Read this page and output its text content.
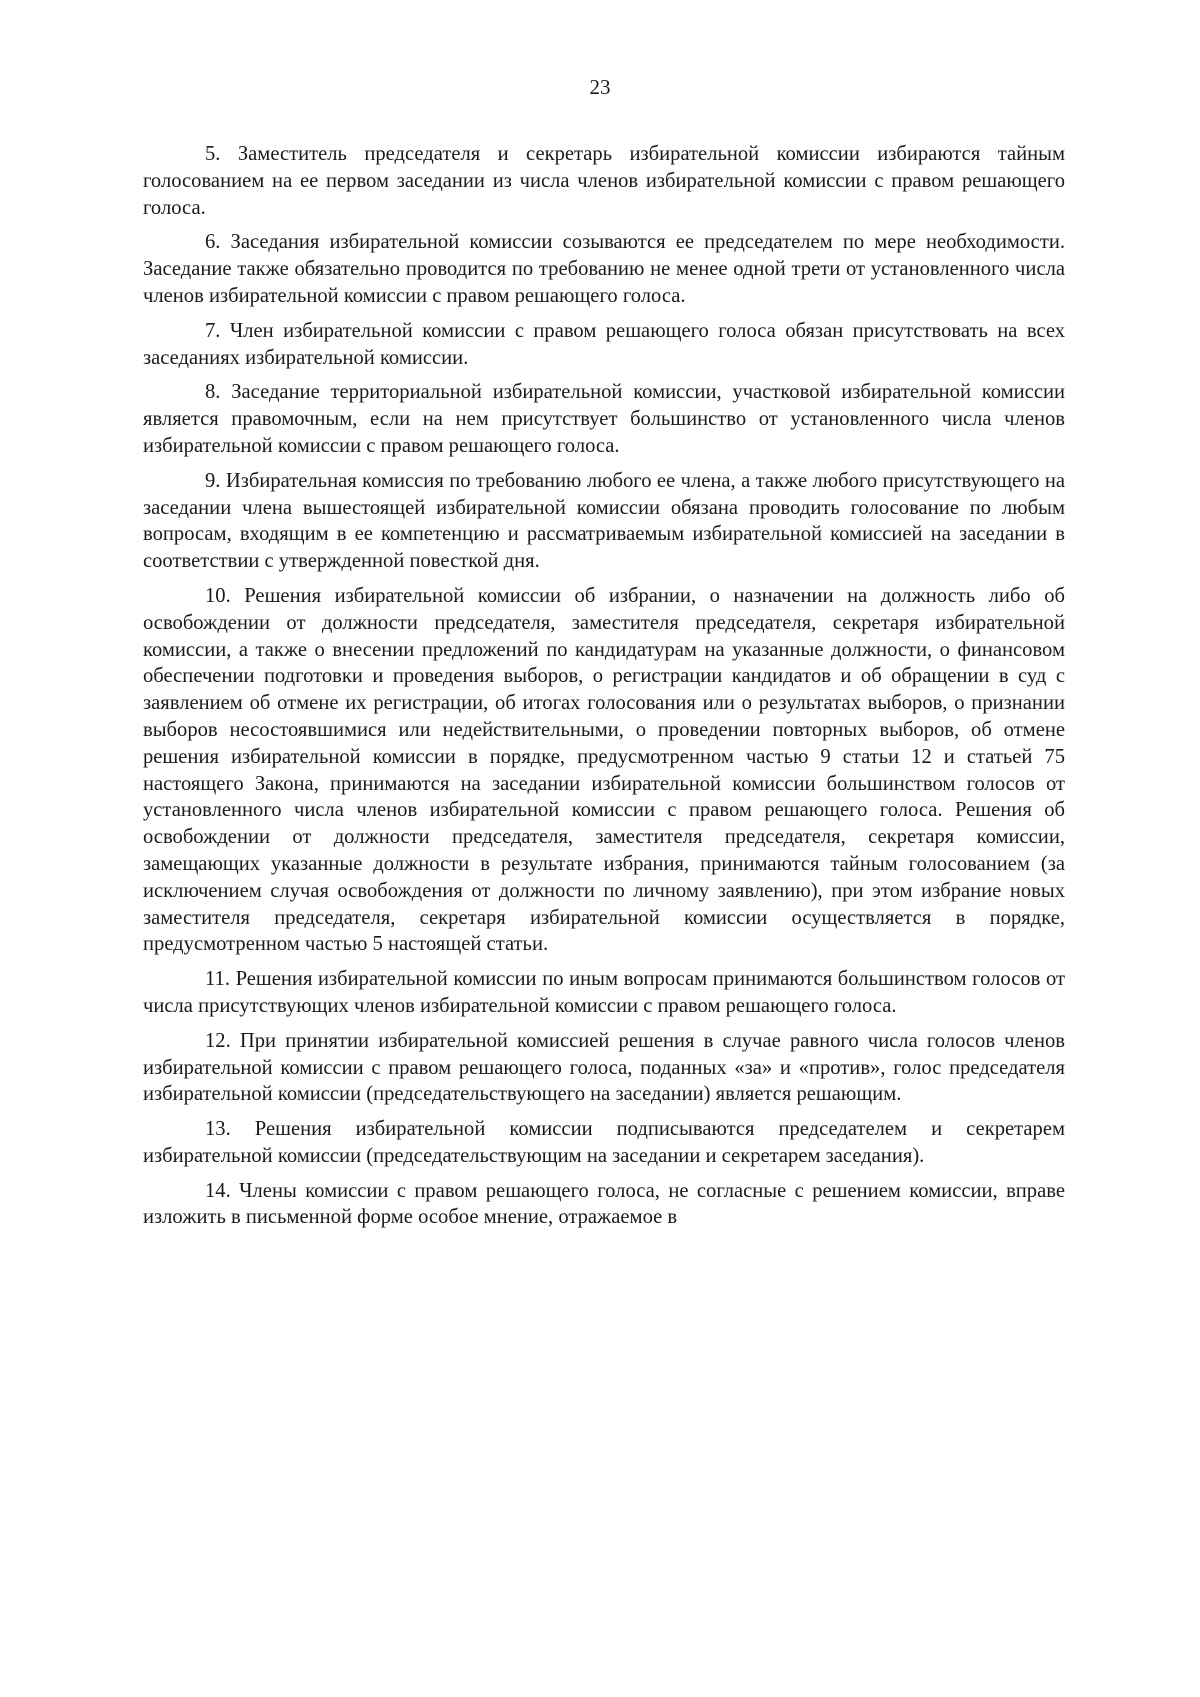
23

5. Заместитель председателя и секретарь избирательной комиссии избираются тайным голосованием на ее первом заседании из числа членов избирательной комиссии с правом решающего голоса.

6. Заседания избирательной комиссии созываются ее председателем по мере необходимости. Заседание также обязательно проводится по требованию не менее одной трети от установленного числа членов избирательной комиссии с правом решающего голоса.

7. Член избирательной комиссии с правом решающего голоса обязан присутствовать на всех заседаниях избирательной комиссии.

8. Заседание территориальной избирательной комиссии, участковой избирательной комиссии является правомочным, если на нем присутствует большинство от установленного числа членов избирательной комиссии с правом решающего голоса.

9. Избирательная комиссия по требованию любого ее члена, а также любого присутствующего на заседании члена вышестоящей избирательной комиссии обязана проводить голосование по любым вопросам, входящим в ее компетенцию и рассматриваемым избирательной комиссией на заседании в соответствии с утвержденной повесткой дня.

10. Решения избирательной комиссии об избрании, о назначении на должность либо об освобождении от должности председателя, заместителя председателя, секретаря избирательной комиссии, а также о внесении предложений по кандидатурам на указанные должности, о финансовом обеспечении подготовки и проведения выборов, о регистрации кандидатов и об обращении в суд с заявлением об отмене их регистрации, об итогах голосования или о результатах выборов, о признании выборов несостоявшимися или недействительными, о проведении повторных выборов, об отмене решения избирательной комиссии в порядке, предусмотренном частью 9 статьи 12 и статьей 75 настоящего Закона, принимаются на заседании избирательной комиссии большинством голосов от установленного числа членов избирательной комиссии с правом решающего голоса. Решения об освобождении от должности председателя, заместителя председателя, секретаря комиссии, замещающих указанные должности в результате избрания, принимаются тайным голосованием (за исключением случая освобождения от должности по личному заявлению), при этом избрание новых заместителя председателя, секретаря избирательной комиссии осуществляется в порядке, предусмотренном частью 5 настоящей статьи.

11. Решения избирательной комиссии по иным вопросам принимаются большинством голосов от числа присутствующих членов избирательной комиссии с правом решающего голоса.

12. При принятии избирательной комиссией решения в случае равного числа голосов членов избирательной комиссии с правом решающего голоса, поданных «за» и «против», голос председателя избирательной комиссии (председательствующего на заседании) является решающим.

13. Решения избирательной комиссии подписываются председателем и секретарем избирательной комиссии (председательствующим на заседании и секретарем заседания).

14. Члены комиссии с правом решающего голоса, не согласные с решением комиссии, вправе изложить в письменной форме особое мнение, отражаемое в
